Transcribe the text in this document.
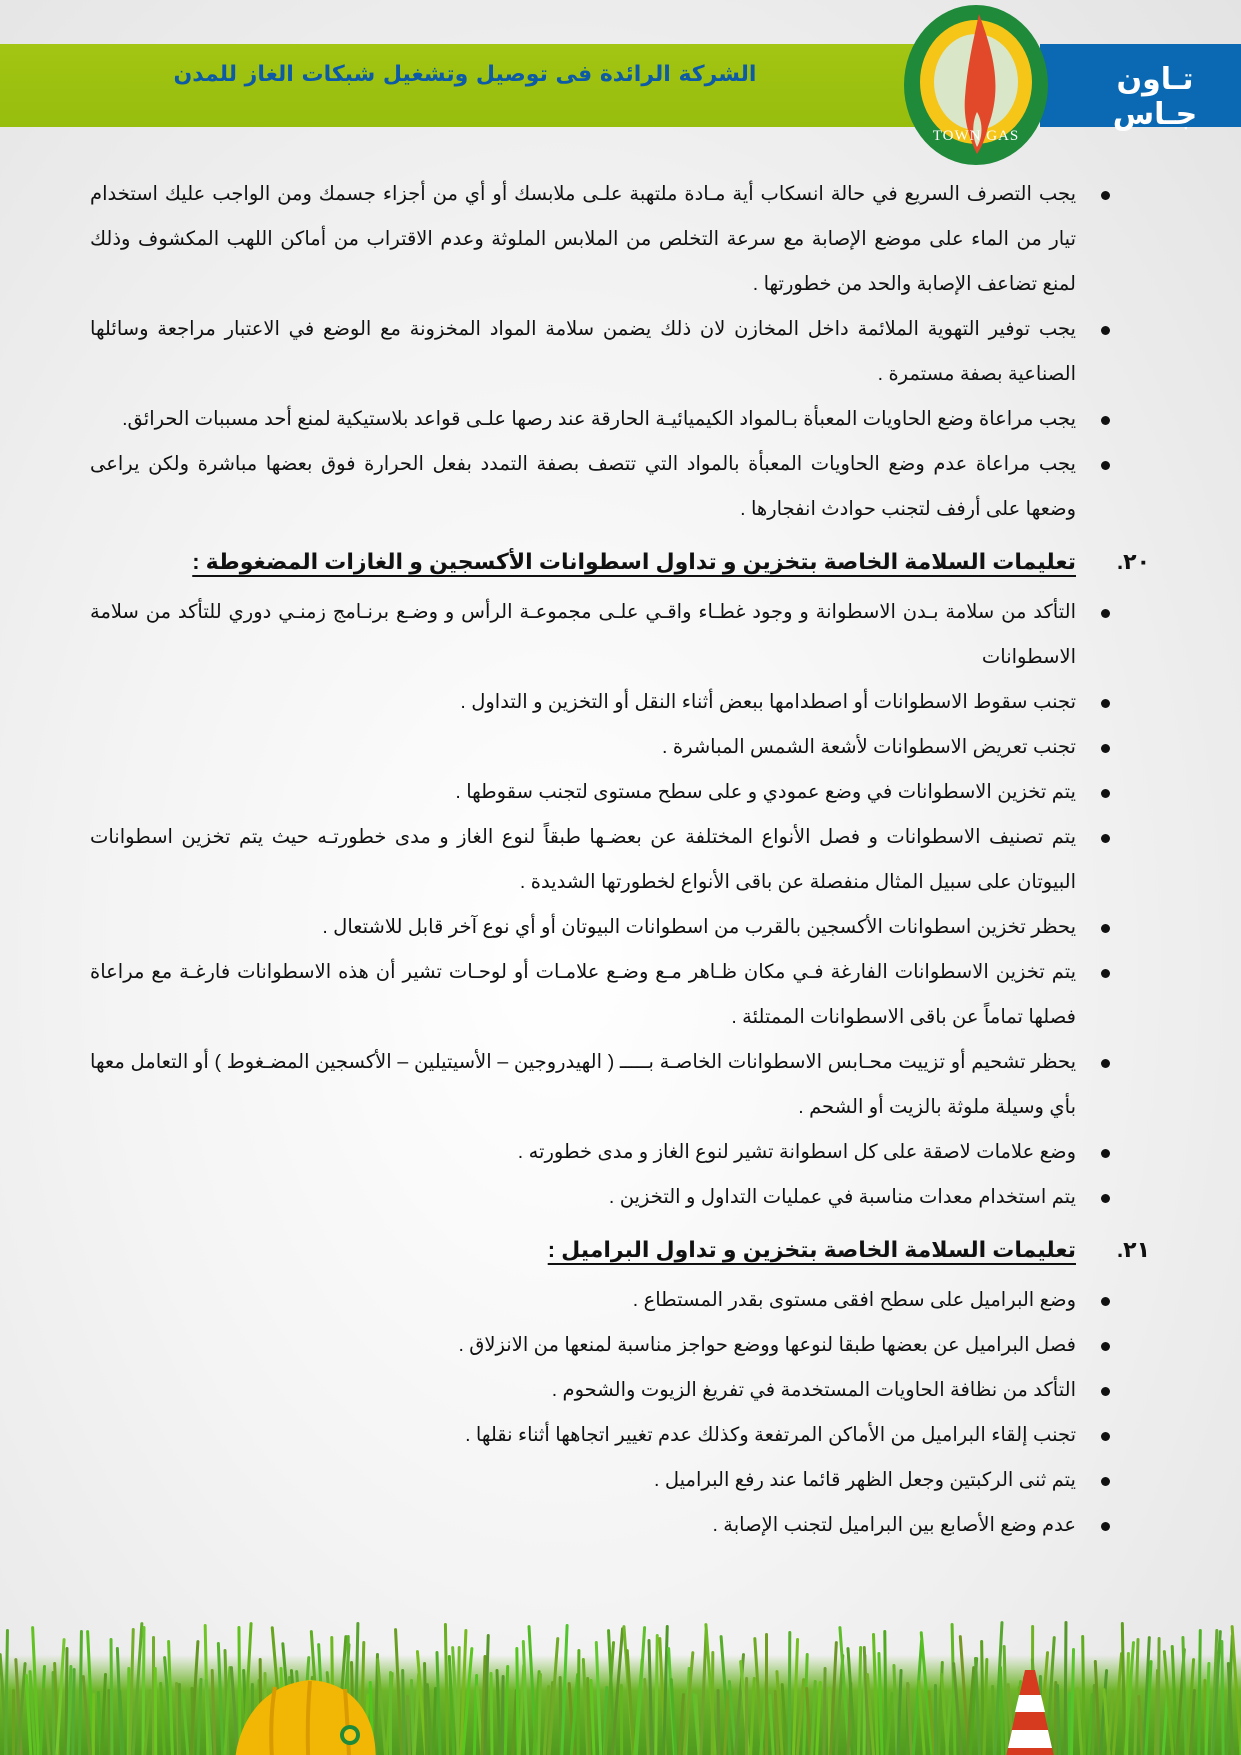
الشركة الرائدة فى توصيل وتشغيل شبكات الغاز للمدن	تـاون جـاس
TOWN GAS
يجب التصرف السريع في حالة انسكاب أية مـادة ملتهبة علـى ملابسك أو أي من أجزاء جسمك ومن الواجب عليك استخدام تيار من الماء على موضع الإصابة مع سرعة التخلص من الملابس الملوثة وعدم الاقتراب من أماكن اللهب المكشوف وذلك لمنع تضاعف الإصابة والحد من خطورتها .
يجب توفير التهوية الملائمة داخل المخازن لان ذلك يضمن سلامة المواد المخزونة مع الوضع في الاعتبار مراجعة وسائلها الصناعية بصفة مستمرة .
يجب مراعاة وضع الحاويات المعبأة بـالمواد الكيميائيـة الحارقة عند رصها علـى قواعد بلاستيكية لمنع أحد مسببات الحرائق.
يجب مراعاة عدم وضع الحاويات المعبأة بالمواد التي تتصف بصفة التمدد بفعل الحرارة فوق بعضها مباشرة ولكن يراعى وضعها على أرفف لتجنب حوادث انفجارها .
٢٠.
تعليمات السلامة الخاصة بتخزين و تداول اسطوانات الأكسجين و الغازات المضغوطة :
التأكد من سلامة بـدن الاسطوانة و وجود غطـاء واقـي علـى مجموعـة الرأس و وضـع برنـامج زمنـي دوري للتأكد من سلامة الاسطوانات
تجنب سقوط الاسطوانات أو اصطدامها ببعض أثناء النقل أو التخزين و التداول .
تجنب تعريض الاسطوانات لأشعة الشمس المباشرة .
يتم تخزين الاسطوانات في وضع عمودي و على سطح مستوى لتجنب سقوطها .
يتم تصنيف الاسطوانات و فصل الأنواع المختلفة عن بعضـها طبقاً لنوع الغاز و مدى خطورتـه حيث يتم تخزين اسطوانات البيوتان على سبيل المثال منفصلة عن باقى الأنواع لخطورتها الشديدة .
يحظر تخزين اسطوانات الأكسجين بالقرب من اسطوانات البيوتان أو أي نوع آخر قابل للاشتعال .
يتم تخزين الاسطوانات الفارغة فـي مكان ظـاهر مـع وضـع علامـات أو لوحـات تشير أن هذه الاسطوانات فارغـة مع مراعاة فصلها تماماً عن باقى الاسطوانات الممتلئة .
يحظر تشحيم أو تزييت محـابس الاسطوانات الخاصـة بـــــ ( الهيدروجين – الأسيتيلين – الأكسجين المضـغوط ) أو التعامل معها بأي وسيلة ملوثة بالزيت أو الشحم .
وضع علامات لاصقة على كل اسطوانة تشير لنوع الغاز و مدى خطورته .
يتم استخدام معدات مناسبة في عمليات التداول و التخزين .
٢١.
تعليمات السلامة الخاصة بتخزين و تداول البراميل :
وضع البراميل على سطح افقى مستوى بقدر المستطاع .
فصل البراميل عن بعضها طبقا لنوعها ووضع حواجز مناسبة لمنعها من الانزلاق .
التأكد من نظافة الحاويات المستخدمة في تفريغ الزيوت والشحوم .
تجنب إلقاء البراميل من الأماكن المرتفعة وكذلك عدم تغيير اتجاهها أثناء نقلها .
يتم ثنى الركبتين وجعل الظهر قائما عند رفع البراميل .
عدم وضع الأصابع بين البراميل لتجنب الإصابة .
